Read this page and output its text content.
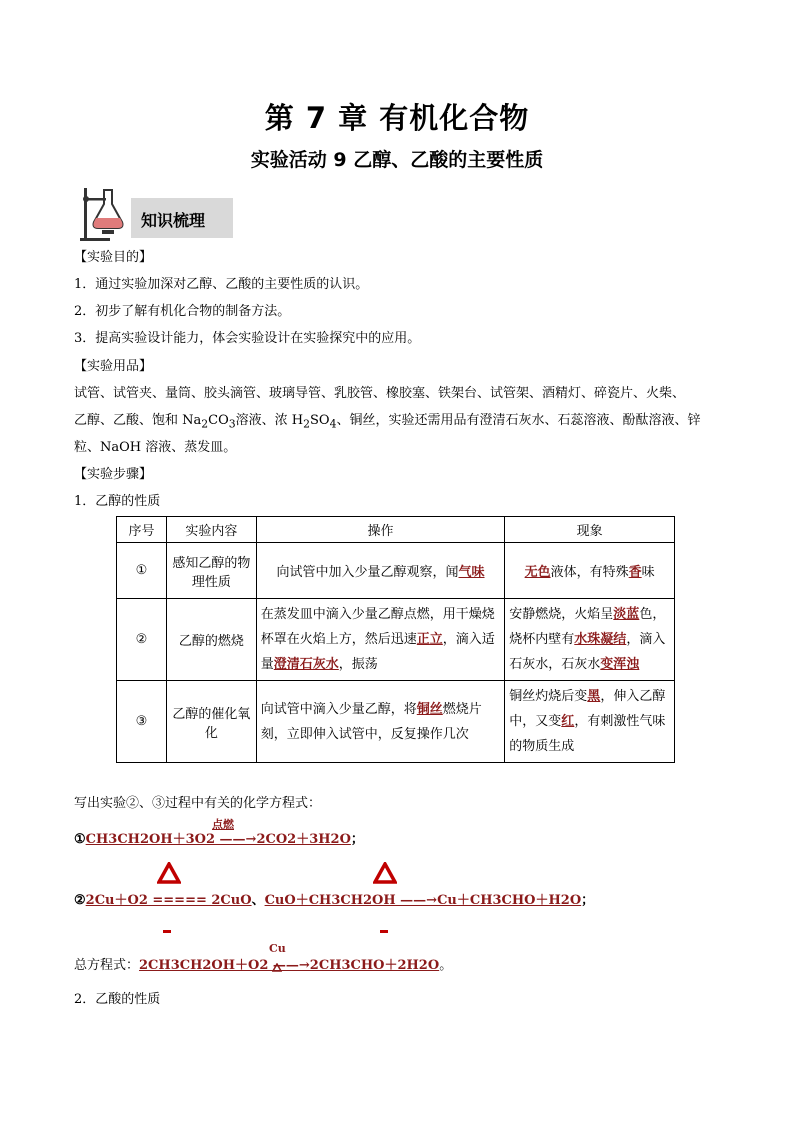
第 7 章 有机化合物
实验活动 9 乙醇、乙酸的主要性质
知识梳理
【实验目的】
1．通过实验加深对乙醇、乙酸的主要性质的认识。
2．初步了解有机化合物的制备方法。
3．提高实验设计能力，体会实验设计在实验探究中的应用。
【实验用品】
试管、试管夹、量筒、胶头滴管、玻璃导管、乳胶管、橡胶塞、铁架台、试管架、酒精灯、碎瓷片、火柴、
乙醇、乙酸、饱和 $Na_2CO_3$溶液、浓 $H_2SO_4$、铜丝，实验还需用品有澄清石灰水、石蕊溶液、酚酞溶液、锌
粒、NaOH 溶液、蒸发皿。
【实验步骤】
1．乙醇的性质
序号	实验内容	操作	现象
①	感知乙醇的物理性质	向试管中加入少量乙醇观察，闻气味	无色液体，有特殊香味
②	乙醇的燃烧	在蒸发皿中滴入少量乙醇点燃，用干燥烧杯罩在火焰上方，然后迅速正立，滴入适量澄清石灰水，振荡	安静燃烧，火焰呈淡蓝色，烧杯内壁有水珠凝结，滴入石灰水，石灰水变浑浊
③	乙醇的催化氧化	向试管中滴入少量乙醇，将铜丝燃烧片刻，立即伸入试管中，反复操作几次	铜丝灼烧后变黑，伸入乙醇中，又变红，有刺激性气味的物质生成
写出实验②、③过程中有关的化学方程式：
点燃
①CH3CH2OH＋3O2 ——→2CO2＋3H2O；
②2Cu＋O2 ===== 2CuO、CuO＋CH3CH2OH ——→Cu＋CH3CHO＋H2O；
Cu
总方程式：2CH3CH2OH＋O2 ——→2CH3CHO＋2H2O。
2．乙酸的性质
